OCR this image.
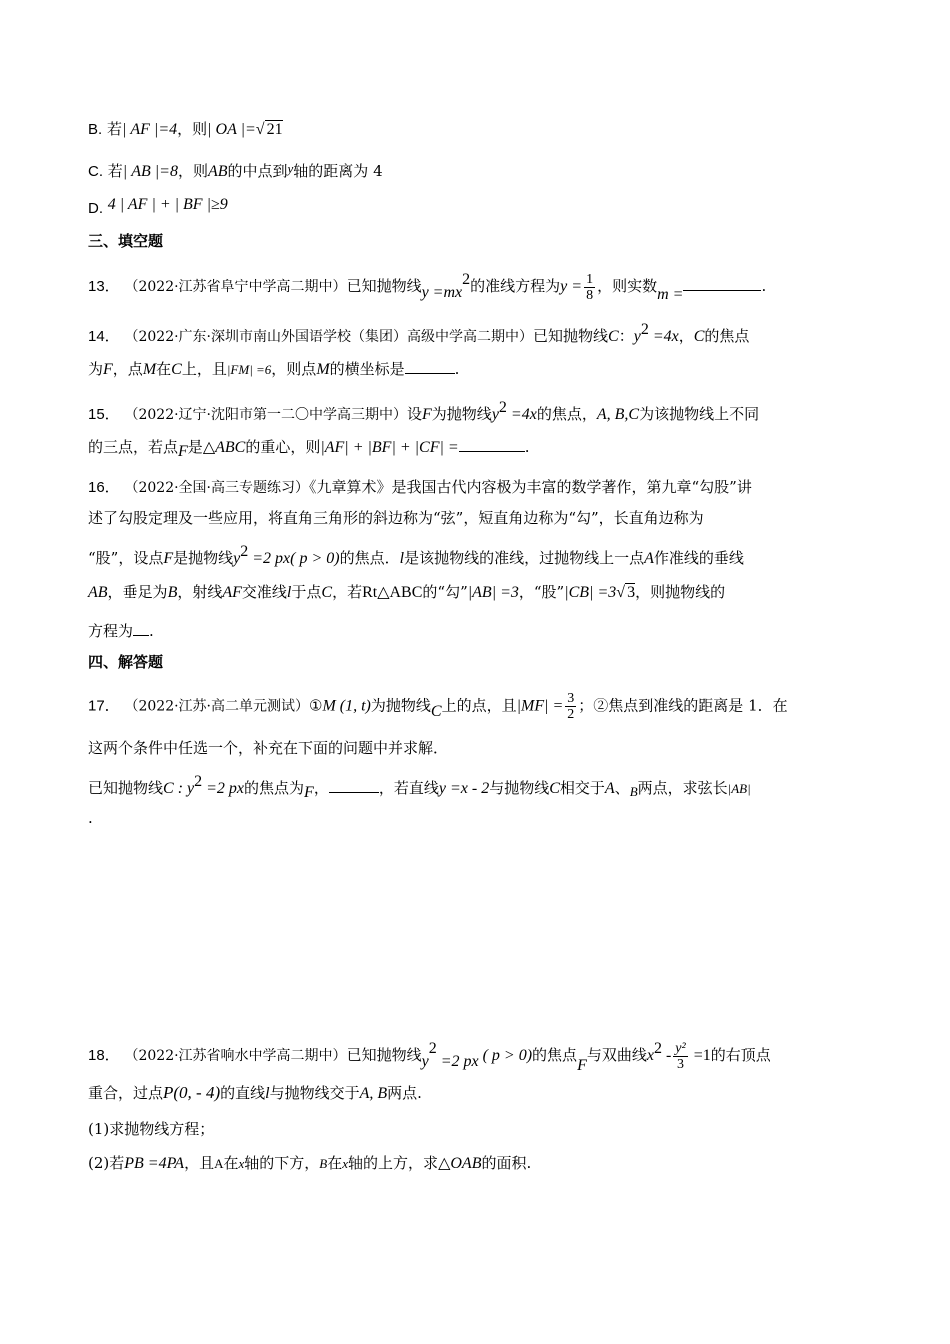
B. 若| AF |=4，则| OA |=√ 21
C. 若| AB |=8，则AB的中点到y轴的距离为 4
D. 4 | AF | + | BF |≥9
三、填空题
13． （2022·江苏省阜宁中学高二期中）已知抛物线$y =mx^2$的准线方程为$y = \frac{1}{8}$ ，则实数m =	.
14． （2022·广东·深圳市南山外国语学校（集团）高级中学高二期中）已知抛物线C：$y^2 =4x$，C的焦点
为F，点M在C上，且|FM| =6，则点M的横坐标是	.
15． （2022·辽宁·沈阳市第一二〇中学高三期中）设F为抛物线$y^2 =4x$的焦点，A, B,C为该抛物线上不同
的三点，若点F是△ABC的重心，则|AF| + |BF| + |CF| =	.
16． （2022·全国·高三专题练习）《九章算术》是我国古代内容极为丰富的数学著作，第九章“勾股”讲
述了勾股定理及一些应用，将直角三角形的斜边称为“弦”，短直角边称为“勾”，长直角边称为
“股”，设点F是抛物线$y^2 =2$ px( p > 0)的焦点．l是该抛物线的准线，过抛物线上一点A作准线的垂线
AB，垂足为B，射线AF交准线l于点C，若Rt△ABC的“勾”|AB| =3，“股”|CB| =3√ 3，则抛物线的
方程为 .
四、解答题
17． （2022·江苏·高二单元测试）①M (1, t)为抛物线C上的点，且$|MF| = \frac{3}{2}$ ；②焦点到准线的距离是 1．在
这两个条件中任选一个，补充在下面的问题中并求解．
已知抛物线C : $y^2 =2$ px的焦点为F，	，若直线y =x - 2与抛物线C相交于A、B两点，求弦长|AB|
.
18． （2022·江苏省响水中学高二期中）已知抛物线$y^2 =2$ px ( p > 0)的焦点F与双曲线$x^2 - \frac{\text{y²}}{3} =1$的右顶点
重合，过点P(0, - 4)的直线l与抛物线交于A, B两点.
(1)求抛物线方程；
(2)若PB =4PA，且A在x轴的下方，B在x轴的上方，求△OAB的面积.
